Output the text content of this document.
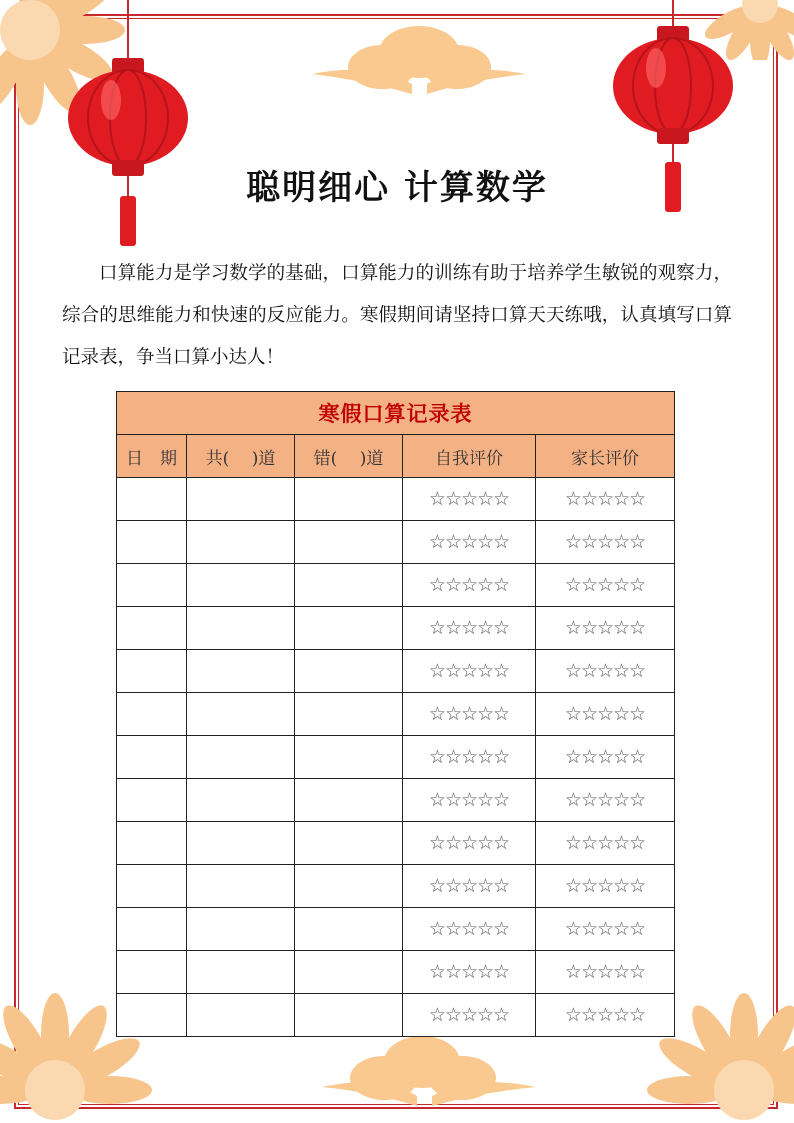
聪明细心 计算数学
口算能力是学习数学的基础，口算能力的训练有助于培养学生敏锐的观察力，综合的思维能力和快速的反应能力。寒假期间请坚持口算天天练哦，认真填写口算记录表，争当口算小达人！
寒假口算记录表				
日　期	共(　 )道	错(　 )道	自我评价	家长评价
			☆☆☆☆☆	☆☆☆☆☆
			☆☆☆☆☆	☆☆☆☆☆
			☆☆☆☆☆	☆☆☆☆☆
			☆☆☆☆☆	☆☆☆☆☆
			☆☆☆☆☆	☆☆☆☆☆
			☆☆☆☆☆	☆☆☆☆☆
			☆☆☆☆☆	☆☆☆☆☆
			☆☆☆☆☆	☆☆☆☆☆
			☆☆☆☆☆	☆☆☆☆☆
			☆☆☆☆☆	☆☆☆☆☆
			☆☆☆☆☆	☆☆☆☆☆
			☆☆☆☆☆	☆☆☆☆☆
			☆☆☆☆☆	☆☆☆☆☆
